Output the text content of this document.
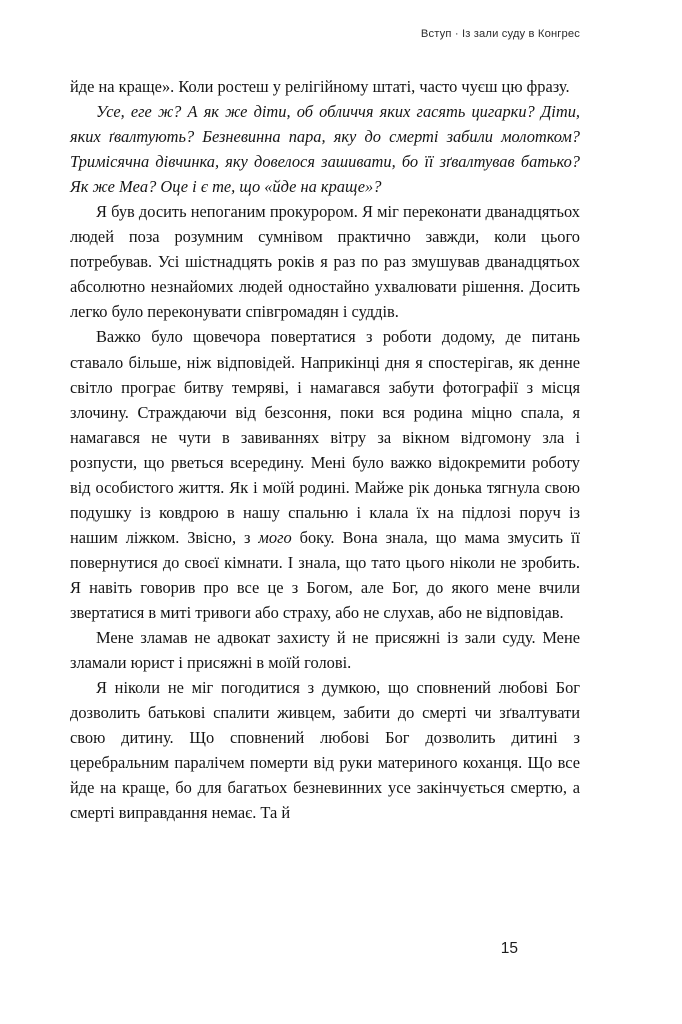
Вступ · Із зали суду в Конгрес

йде на краще». Коли ростеш у релігійному штаті, часто чуєш цю фразу.

Усе, еге ж? А як же діти, об обличчя яких гасять цигарки? Діти, яких ґвалтують? Безневинна пара, яку до смерті забили молотком? Тримісячна дівчинка, яку довелося зашивати, бо її зґвалтував батько? Як же Mea? Оце і є те, що «йде на краще»?

Я був досить непоганим прокурором. Я міг переконати дванадцятьох людей поза розумним сумнівом практично завжди, коли цього потребував. Усі шістнадцять років я раз по раз змушував дванадцятьох абсолютно незнайомих людей одностайно ухвалювати рішення. Досить легко було переконувати співгромадян і суддів.

Важко було щовечора повертатися з роботи додому, де питань ставало більше, ніж відповідей. Наприкінці дня я спостерігав, як денне світло програє битву темряві, і намагався забути фотографії з місця злочину. Страждаючи від безсоння, поки вся родина міцно спала, я намагався не чути в завиваннях вітру за вікном відгомону зла і розпусти, що рветься всередину. Мені було важко відокремити роботу від особистого життя. Як і моїй родині. Майже рік донька тягнула свою подушку із ковдрою в нашу спальню і клала їх на підлозі поруч із нашим ліжком. Звісно, з мого боку. Вона знала, що мама змусить її повернутися до своєї кімнати. І знала, що тато цього ніколи не зробить. Я навіть говорив про все це з Богом, але Бог, до якого мене вчили звертатися в миті тривоги або страху, або не слухав, або не відповідав.

Мене зламав не адвокат захисту й не присяжні із зали суду. Мене зламали юрист і присяжні в моїй голові.

Я ніколи не міг погодитися з думкою, що сповнений любові Бог дозволить батькові спалити живцем, забити до смерті чи зґвалтувати свою дитину. Що сповнений любові Бог дозволить дитині з церебральним паралічем померти від руки материного коханця. Що все йде на краще, бо для багатьох безневинних усе закінчується смертю, а смерті виправдання немає. Та й

15
